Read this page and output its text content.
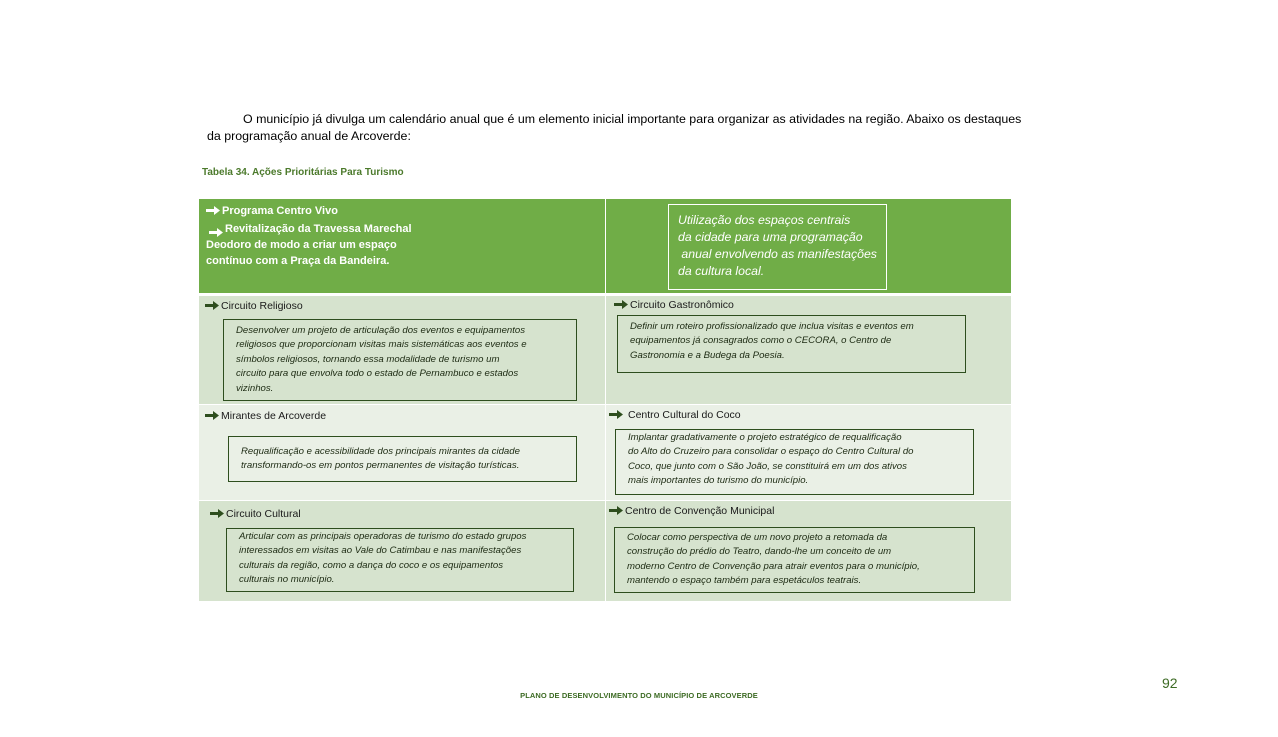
O município já divulga um calendário anual que é um elemento inicial importante para organizar as atividades na região. Abaixo os destaques
da programação anual de Arcoverde:
Tabela 34. Ações Prioritárias Para Turismo
Programa Centro Vivo
Revitalização da Travessa Marechal
Deodoro de modo a criar um espaço
contínuo com a Praça da Bandeira.
Utilização dos espaços centrais
da cidade para uma programação
anual envolvendo as manifestações
da cultura local.
Circuito Religioso
Desenvolver um projeto de articulação dos eventos e equipamentos
religiosos que proporcionam visitas mais sistemáticas aos eventos e
símbolos religiosos, tornando essa modalidade de turismo um
circuito para que envolva todo o estado de Pernambuco e estados
vizinhos.
Circuito Gastronômico
Definir um roteiro profissionalizado que inclua visitas e eventos em
equipamentos já consagrados como o CECORA, o Centro de
Gastronomia e a Budega da Poesia.
Mirantes de Arcoverde
Requalificação e acessibilidade dos principais mirantes da cidade
transformando-os em pontos permanentes de visitação turísticas.
Centro Cultural do Coco
Implantar gradativamente o projeto estratégico de requalificação
do Alto do Cruzeiro para consolidar o espaço do Centro Cultural do
Coco, que junto com o São João, se constituirá em um dos ativos
mais importantes do turismo do município.
Circuito Cultural
Articular com as principais operadoras de turismo do estado grupos
interessados em visitas ao Vale do Catimbau e nas manifestações
culturais da região, como a dança do coco e os equipamentos
culturais no município.
Centro de Convenção Municipal
Colocar como perspectiva de um novo projeto a retomada da
construção do prédio do Teatro, dando-lhe um conceito de um
moderno Centro de Convenção para atrair eventos para o município,
mantendo o espaço também para espetáculos teatrais.
92
PLANO DE DESENVOLVIMENTO DO MUNICÍPIO DE ARCOVERDE
